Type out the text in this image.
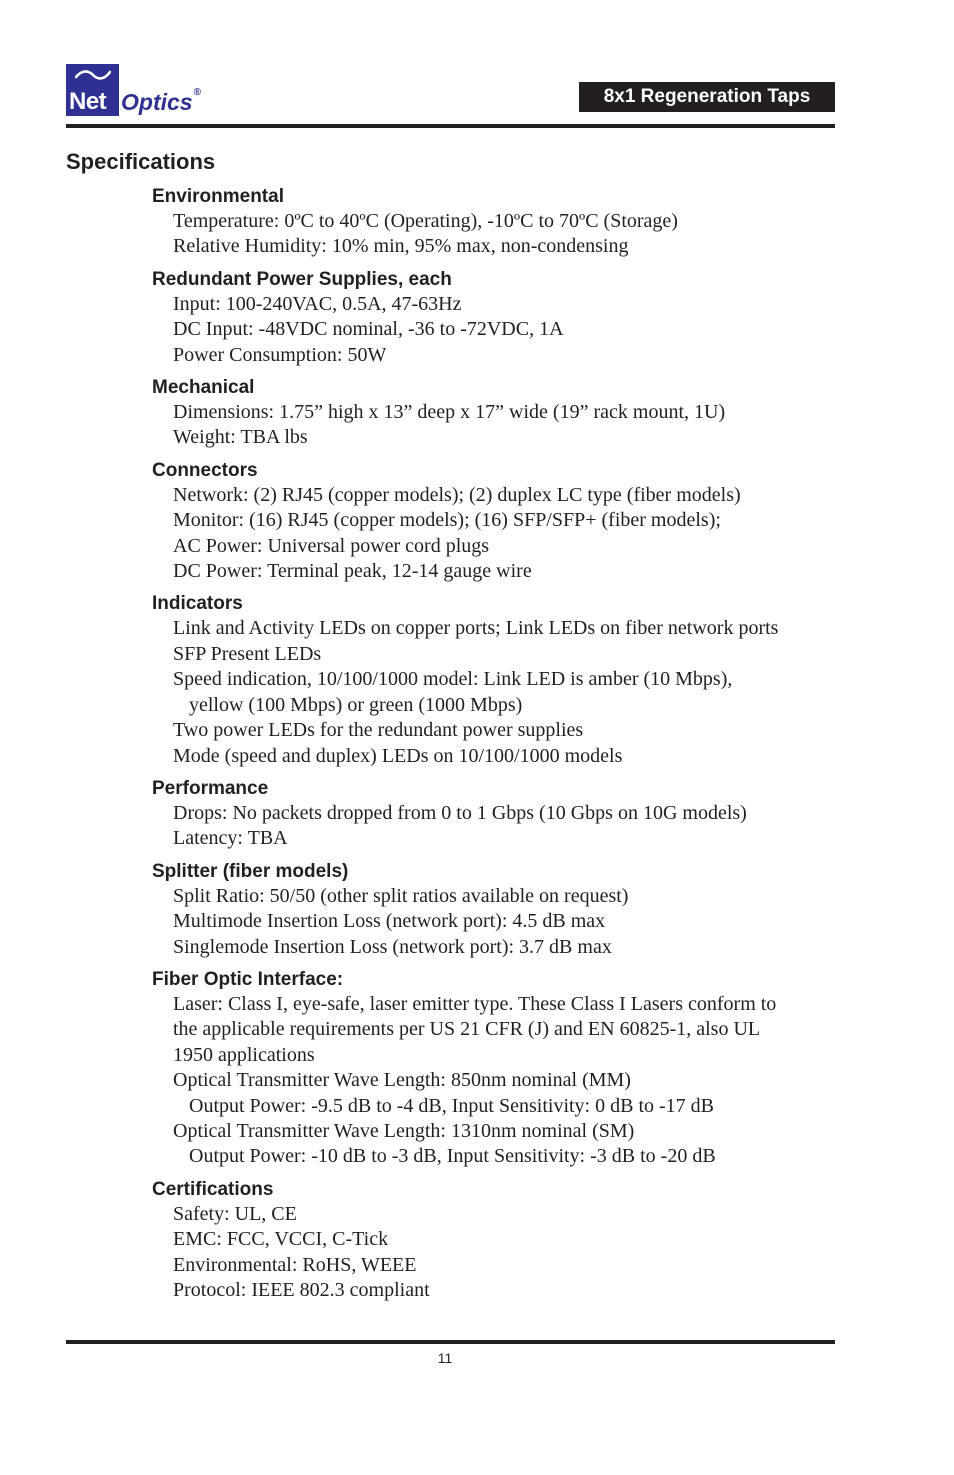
Net Optics®	8x1 Regeneration Taps
Specifications
Environmental
Temperature: 0ºC to 40ºC (Operating), -10ºC to 70ºC (Storage)
Relative Humidity: 10% min, 95% max, non-condensing
Redundant Power Supplies, each
Input: 100-240VAC, 0.5A, 47-63Hz
DC Input: -48VDC nominal, -36 to -72VDC, 1A
Power Consumption: 50W
Mechanical
Dimensions: 1.75” high x 13” deep x 17” wide (19” rack mount, 1U)
Weight: TBA lbs
Connectors
Network: (2) RJ45 (copper models); (2) duplex LC type (fiber models)
Monitor: (16) RJ45 (copper models); (16) SFP/SFP+ (fiber models);
AC Power: Universal power cord plugs
DC Power: Terminal peak, 12-14 gauge wire
Indicators
Link and Activity LEDs on copper ports; Link LEDs on fiber network ports
SFP Present LEDs
Speed indication, 10/100/1000 model: Link LED is amber (10 Mbps),
yellow (100 Mbps) or green (1000 Mbps)
Two power LEDs for the redundant power supplies
Mode (speed and duplex) LEDs on 10/100/1000 models
Performance
Drops: No packets dropped from 0 to 1 Gbps (10 Gbps on 10G models)
Latency: TBA
Splitter (fiber models)
Split Ratio: 50/50 (other split ratios available on request)
Multimode Insertion Loss (network port): 4.5 dB max
Singlemode Insertion Loss (network port): 3.7 dB max
Fiber Optic Interface:
Laser: Class I, eye-safe, laser emitter type. These Class I Lasers conform to
the applicable requirements per US 21 CFR (J) and EN 60825-1, also UL
1950 applications
Optical Transmitter Wave Length: 850nm nominal (MM)
Output Power: -9.5 dB to -4 dB, Input Sensitivity: 0 dB to -17 dB
Optical Transmitter Wave Length: 1310nm nominal (SM)
Output Power: -10 dB to -3 dB, Input Sensitivity: -3 dB to -20 dB
Certifications
Safety: UL, CE
EMC: FCC, VCCI, C-Tick
Environmental: RoHS, WEEE
Protocol: IEEE 802.3 compliant
11
